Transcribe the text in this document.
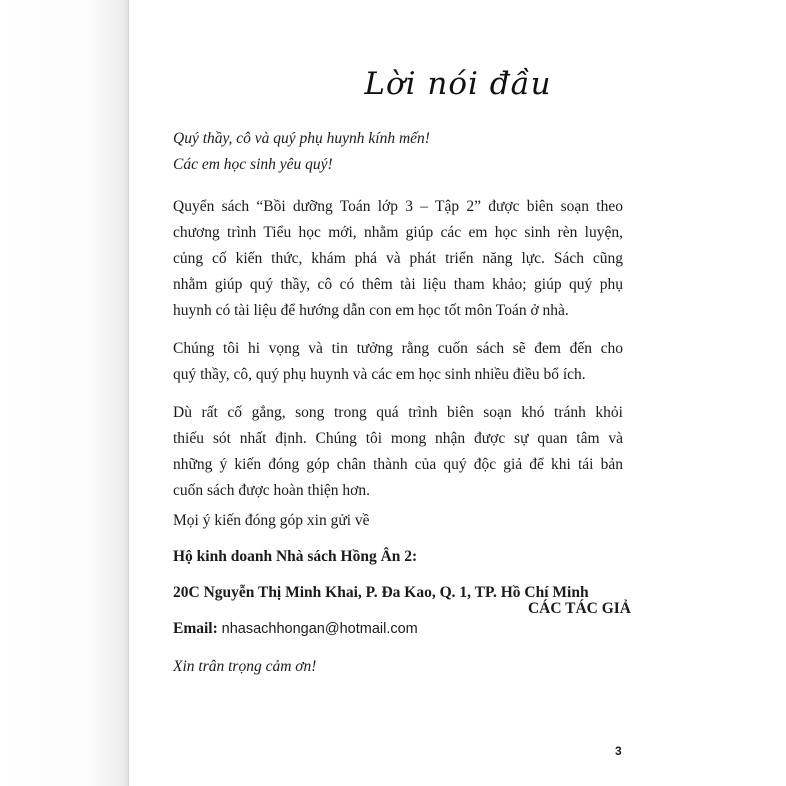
Lời nói đầu

Quý thầy, cô và quý phụ huynh kính mến!

Các em học sinh yêu quý!

Quyển sách “Bồi dưỡng Toán lớp 3 – Tập 2” được biên soạn theo
chương trình Tiểu học mới, nhằm giúp các em học sinh rèn luyện,
củng cố kiến thức, khám phá và phát triển năng lực. Sách cũng
nhằm giúp quý thầy, cô có thêm tài liệu tham khảo; giúp quý phụ
huynh có tài liệu để hướng dẫn con em học tốt môn Toán ở nhà.

Chúng tôi hi vọng và tin tưởng rằng cuốn sách sẽ đem đến cho
quý thầy, cô, quý phụ huynh và các em học sinh nhiều điều bổ ích.

Dù rất cố gắng, song trong quá trình biên soạn khó tránh khỏi
thiếu sót nhất định. Chúng tôi mong nhận được sự quan tâm và
những ý kiến đóng góp chân thành của quý độc giả để khi tái bản
cuốn sách được hoàn thiện hơn.

Mọi ý kiến đóng góp xin gửi về

Hộ kinh doanh Nhà sách Hồng Ân 2:

20C Nguyễn Thị Minh Khai, P. Đa Kao, Q. 1, TP. Hồ Chí Minh

Email: nhasachhongan@hotmail.com

Xin trân trọng cảm ơn!

CÁC TÁC GIẢ
3
